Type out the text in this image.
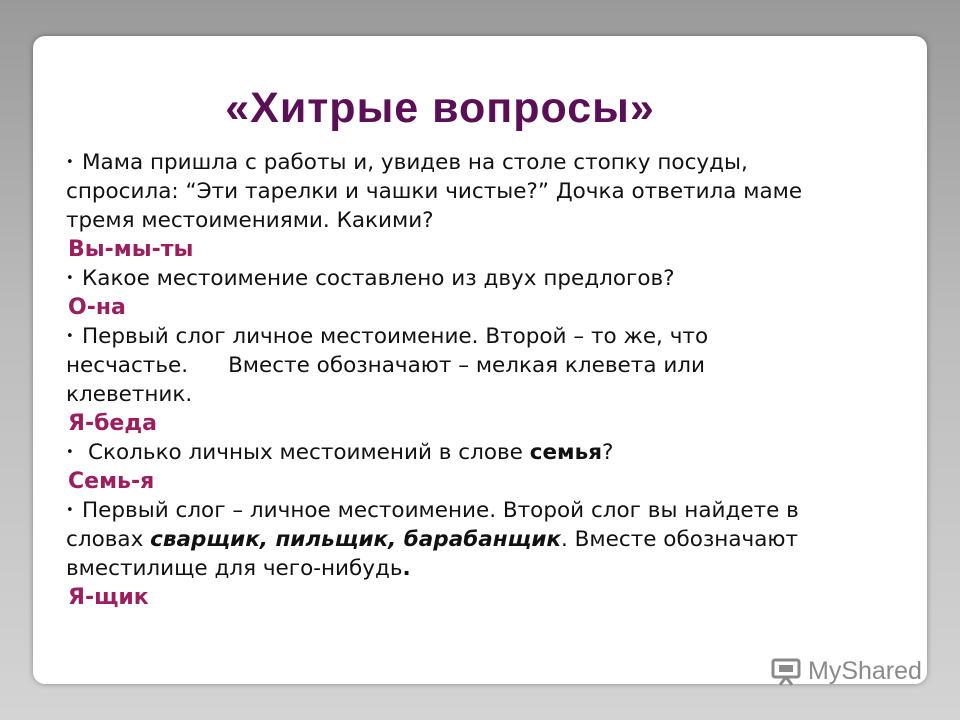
«Хитрые вопросы»
• Мама пришла с работы и, увидев на столе стопку посуды,

спросила: “Эти тарелки и чашки чистые?” Дочка ответила маме

тремя местоимениями. Какими?

Вы-мы-ты

• Какое местоимение составлено из двух предлогов?

О-на

• Первый слог личное местоимение. Второй – то же, что

несчастье. Вместе обозначают – мелкая клевета или

клеветник.

Я-беда

• Сколько личных местоимений в слове семья?

Семь-я

• Первый слог – личное местоимение. Второй слог вы найдете в

словах сварщик, пильщик, барабанщик. Вместе обозначают

вместилище для чего-нибудь.

Я-щик

MyShared
